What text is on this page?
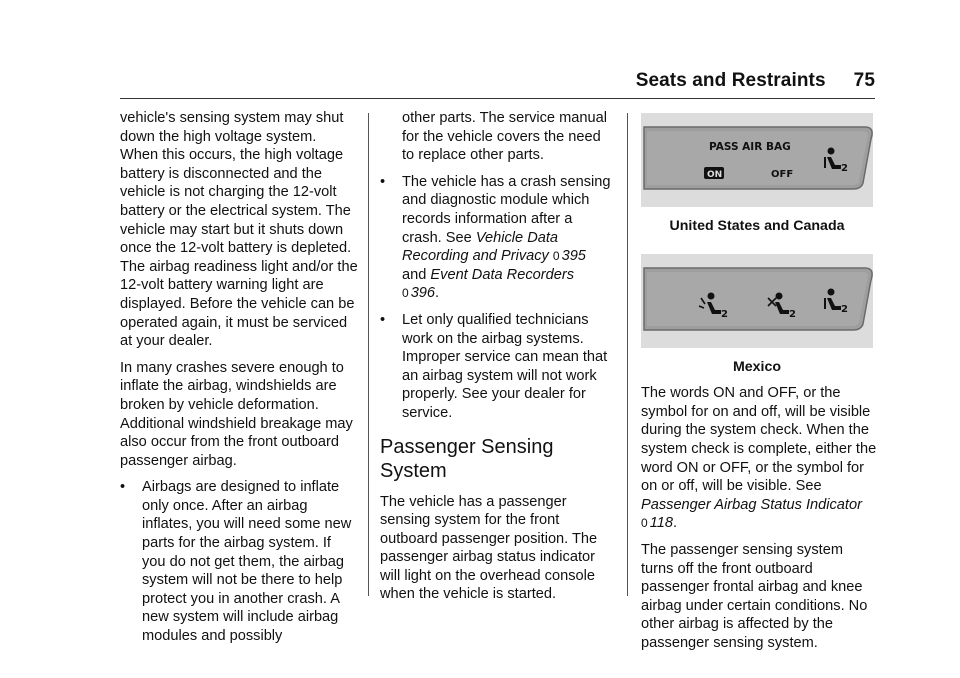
Seats and Restraints 75

vehicle's sensing system may shut down the high voltage system. When this occurs, the high voltage battery is disconnected and the vehicle is not charging the 12-volt battery or the electrical system. The vehicle may start but it shuts down once the 12-volt battery is depleted. The airbag readiness light and/or the 12-volt battery warning light are displayed. Before the vehicle can be operated again, it must be serviced at your dealer.

In many crashes severe enough to inflate the airbag, windshields are broken by vehicle deformation. Additional windshield breakage may also occur from the front outboard passenger airbag.

•	Airbags are designed to inflate only once. After an airbag inflates, you will need some new parts for the airbag system. If you do not get them, the airbag system will not be there to help protect you in another crash. A new system will include airbag modules and possibly
other parts. The service manual for the vehicle covers the need to replace other parts.
•	The vehicle has a crash sensing and diagnostic module which records information after a crash. See Vehicle Data Recording and Privacy 0 395 and Event Data Recorders
0 396.
•	Let only qualified technicians work on the airbag systems. Improper service can mean that an airbag system will not work properly. See your dealer for service.
Passenger Sensing System

The vehicle has a passenger sensing system for the front outboard passenger position. The passenger airbag status indicator will light on the overhead console when the vehicle is started.

PASS AIR BAG
ON	OFF
2
United States and Canada
2	2	2
Mexico

The words ON and OFF, or the symbol for on and off, will be visible during the system check. When the system check is complete, either the word ON or OFF, or the symbol for on or off, will be visible. See Passenger Airbag Status Indicator
0 118.

The passenger sensing system turns off the front outboard passenger frontal airbag and knee airbag under certain conditions. No other airbag is affected by the passenger sensing system.
